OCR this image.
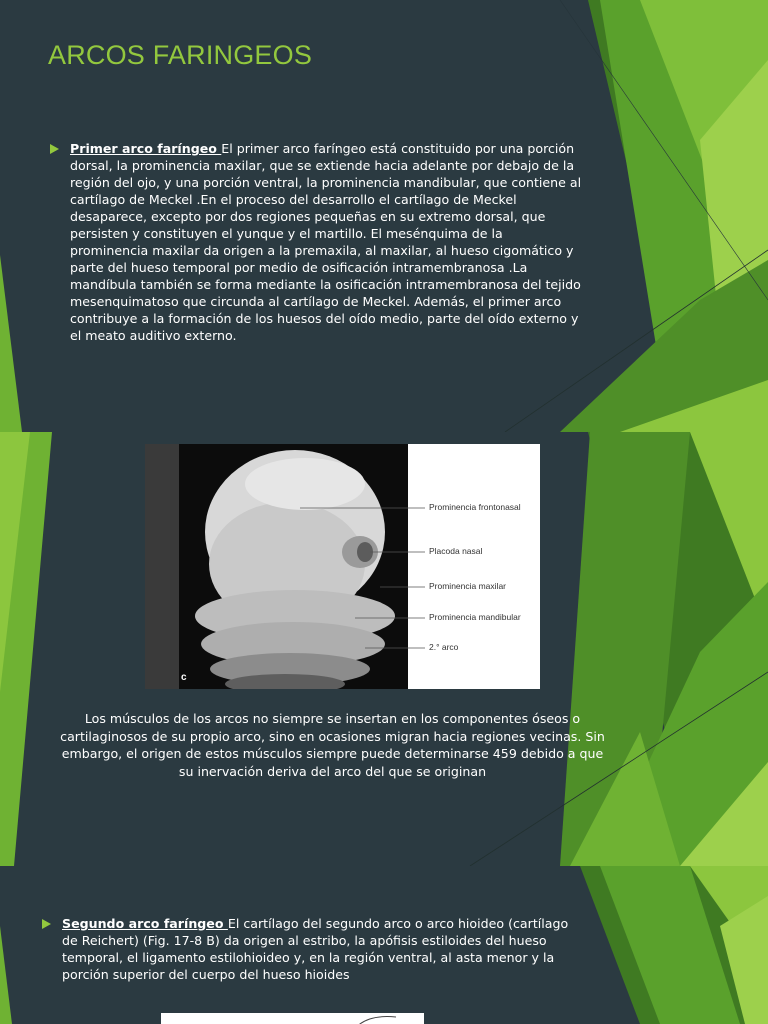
ARCOS FARINGEOS

Primer arco faríngeo El primer arco faríngeo está constituido por una porción dorsal, la prominencia maxilar, que se extiende hacia adelante por debajo de la región del ojo, y una porción ventral, la prominencia mandibular, que contiene al cartílago de Meckel .En el proceso del desarrollo el cartílago de Meckel desaparece, excepto por dos regiones pequeñas en su extremo dorsal, que persisten y constituyen el yunque y el martillo. El mesénquima de la prominencia maxilar da origen a la premaxila, al maxilar, al hueso cigomático y parte del hueso temporal por medio de osificación intramembranosa .La mandíbula también se forma mediante la osificación intramembranosa del tejido mesenquimatoso que circunda al cartílago de Meckel. Además, el primer arco contribuye a la formación de los huesos del oído medio, parte del oído externo y el meato auditivo externo.

Prominencia frontonasal
Placoda nasal
Prominencia maxilar
Prominencia mandibular
2.° arco
c

Los músculos de los arcos no siempre se insertan en los componentes óseos o cartilaginosos de su propio arco, sino en ocasiones migran hacia regiones vecinas. Sin embargo, el origen de estos músculos siempre puede determinarse 459 debido a que su inervación deriva del arco del que se originan

Segundo arco faríngeo El cartílago del segundo arco o arco hioideo (cartílago de Reichert) (Fig. 17-8 B) da origen al estribo, la apófisis estiloides del hueso temporal, el ligamento estilohioideo y, en la región ventral, al asta menor y la porción superior del cuerpo del hueso hioides
